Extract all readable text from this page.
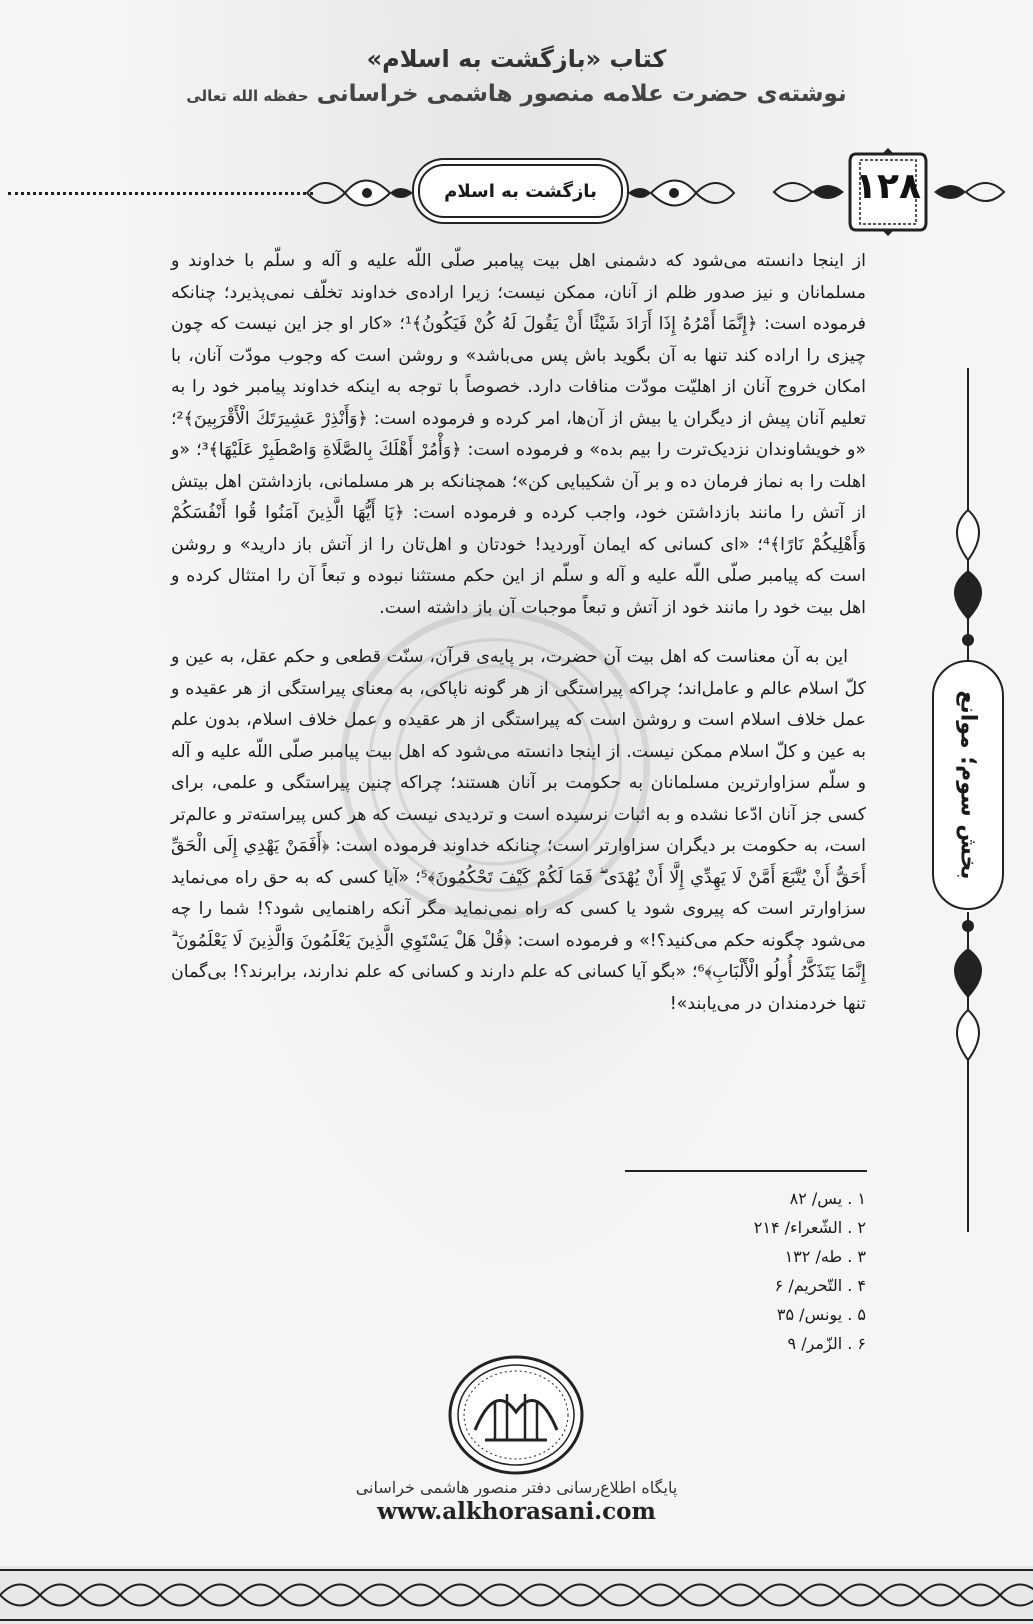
کتاب «بازگشت به اسلام»
نوشته‌ی حضرت علامه منصور هاشمی خراسانی حفظه الله تعالی
بازگشت به اسلام	۱۲۸

از اینجا دانسته می‌شود که دشمنی اهل بیت پیامبر صلّی اللّه علیه و آله و سلّم با خداوند و مسلمانان و نیز صدور ظلم از آنان، ممکن نیست؛ زیرا اراده‌ی خداوند تخلّف نمی‌پذیرد؛ چنانکه فرموده است: ﴿إِنَّمَا أَمْرُهُ إِذَا أَرَادَ شَيْئًا أَنْ يَقُولَ لَهُ كُنْ فَيَكُونُ﴾¹؛ «کار او جز این نیست که چون چیزی را اراده کند تنها به آن بگوید باش پس می‌باشد» و روشن است که وجوب مودّت آنان، با امکان خروج آنان از اهلیّت مودّت منافات دارد. خصوصاً با توجه به اینکه خداوند پیامبر خود را به تعلیم آنان پیش از دیگران یا بیش از آن‌ها، امر کرده و فرموده است: ﴿وَأَنْذِرْ عَشِيرَتَكَ الْأَقْرَبِينَ﴾²؛ «و خویشاوندان نزدیک‌ترت را بیم بده» و فرموده است: ﴿وَأْمُرْ أَهْلَكَ بِالصَّلَاةِ وَاصْطَبِرْ عَلَيْهَا﴾³؛ «و اهلت را به نماز فرمان ده و بر آن شکیبایی کن»؛ همچنانکه بر هر مسلمانی، بازداشتن اهل بیتش از آتش را مانند بازداشتن خود، واجب کرده و فرموده است: ﴿يَا أَيُّهَا الَّذِينَ آمَنُوا قُوا أَنْفُسَكُمْ وَأَهْلِيكُمْ نَارًا﴾⁴؛ «ای کسانی که ایمان آوردید! خودتان و اهل‌تان را از آتش باز دارید» و روشن است که پیامبر صلّی اللّه علیه و آله و سلّم از این حکم مستثنا نبوده و تبعاً آن را امتثال کرده و اهل بیت خود را مانند خود از آتش و تبعاً موجبات آن باز داشته است.

این به آن معناست که اهل بیت آن حضرت، بر پایه‌ی قرآن، سنّت قطعی و حکم عقل، به عین و کلّ اسلام عالم و عامل‌اند؛ چراکه پیراستگی از هر گونه ناپاکی، به معنای پیراستگی از هر عقیده و عمل خلاف اسلام است و روشن است که پیراستگی از هر عقیده و عمل خلاف اسلام، بدون علم به عین و کلّ اسلام ممکن نیست. از اینجا دانسته می‌شود که اهل بیت پیامبر صلّی اللّه علیه و آله و سلّم سزاوارترین مسلمانان به حکومت بر آنان هستند؛ چراکه چنین پیراستگی و علمی، برای کسی جز آنان ادّعا نشده و به اثبات نرسیده است و تردیدی نیست که هر کس پیراسته‌تر و عالم‌تر است، به حکومت بر دیگران سزاوارتر است؛ چنانکه خداوند فرموده است: ﴿أَفَمَنْ يَهْدِي إِلَى الْحَقِّ أَحَقُّ أَنْ يُتَّبَعَ أَمَّنْ لَا يَهِدِّي إِلَّا أَنْ يُهْدَى ۖ فَمَا لَكُمْ كَيْفَ تَحْكُمُونَ﴾⁵؛ «آیا کسی که به حق راه می‌نماید سزاوارتر است که پیروی شود یا کسی که راه نمی‌نماید مگر آنکه راهنمایی شود؟! شما را چه می‌شود چگونه حکم می‌کنید؟!» و فرموده است: ﴿قُلْ هَلْ يَسْتَوِي الَّذِينَ يَعْلَمُونَ وَالَّذِينَ لَا يَعْلَمُونَ ۗ إِنَّمَا يَتَذَكَّرُ أُولُو الْأَلْبَابِ﴾⁶؛ «بگو آیا کسانی که علم دارند و کسانی که علم ندارند، برابرند؟! بی‌گمان تنها خردمندان در می‌یابند»!

بخش سوم؛ موانع
۱ . یس/ ۸۲
۲ . الشّعراء/ ۲۱۴
۳ . طه/ ۱۳۲
۴ . التّحریم/ ۶
۵ . یونس/ ۳۵
۶ . الزّمر/ ۹
پایگاه اطلاع‌رسانی دفتر منصور هاشمی خراسانی
www.alkhorasani.com
